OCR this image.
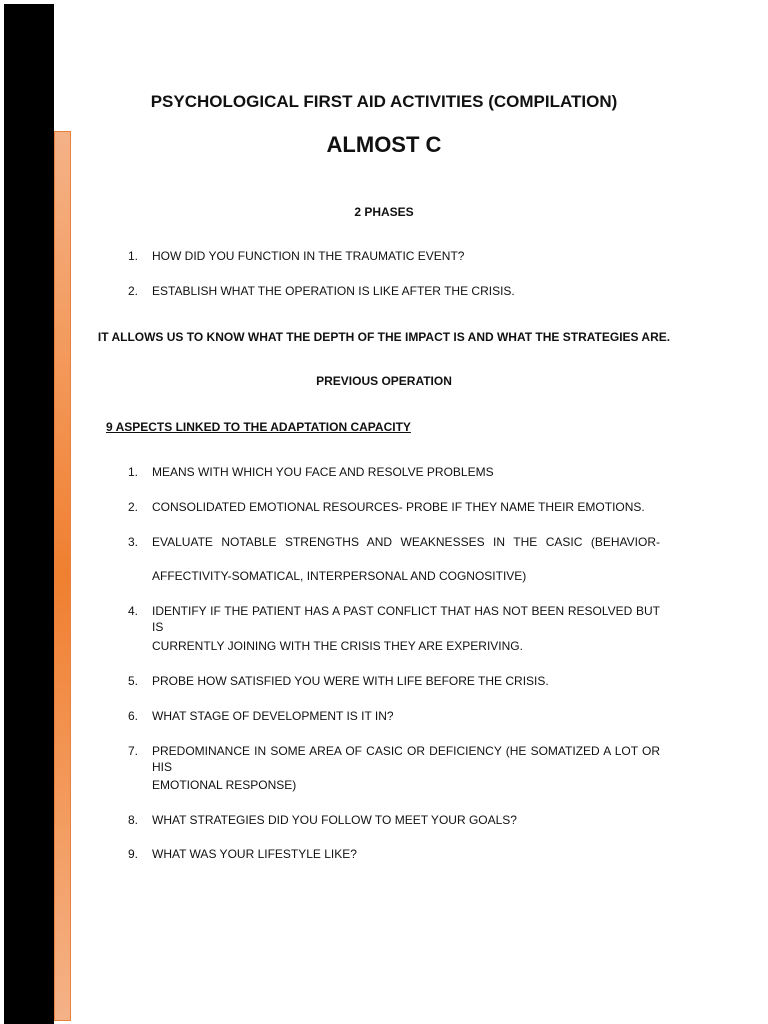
PSYCHOLOGICAL FIRST AID ACTIVITIES (COMPILATION)
ALMOST C

2 PHASES

1.	HOW DID YOU FUNCTION IN THE TRAUMATIC EVENT?
2.	ESTABLISH WHAT THE OPERATION IS LIKE AFTER THE CRISIS.

IT ALLOWS US TO KNOW WHAT THE DEPTH OF THE IMPACT IS AND WHAT THE STRATEGIES ARE.

PREVIOUS OPERATION

9 ASPECTS LINKED TO THE ADAPTATION CAPACITY

1.	MEANS WITH WHICH YOU FACE AND RESOLVE PROBLEMS
2.	CONSOLIDATED EMOTIONAL RESOURCES- PROBE IF THEY NAME THEIR EMOTIONS.
3.	EVALUATE NOTABLE STRENGTHS AND WEAKNESSES IN THE CASIC (BEHAVIOR-
AFFECTIVITY-SOMATICAL, INTERPERSONAL AND COGNOSITIVE)
4.	IDENTIFY IF THE PATIENT HAS A PAST CONFLICT THAT HAS NOT BEEN RESOLVED BUT IS
CURRENTLY JOINING WITH THE CRISIS THEY ARE EXPERIVING.
5.	PROBE HOW SATISFIED YOU WERE WITH LIFE BEFORE THE CRISIS.
6.	WHAT STAGE OF DEVELOPMENT IS IT IN?
7.	PREDOMINANCE IN SOME AREA OF CASIC OR DEFICIENCY (HE SOMATIZED A LOT OR HIS
EMOTIONAL RESPONSE)
8.	WHAT STRATEGIES DID YOU FOLLOW TO MEET YOUR GOALS?
9.	WHAT WAS YOUR LIFESTYLE LIKE?
